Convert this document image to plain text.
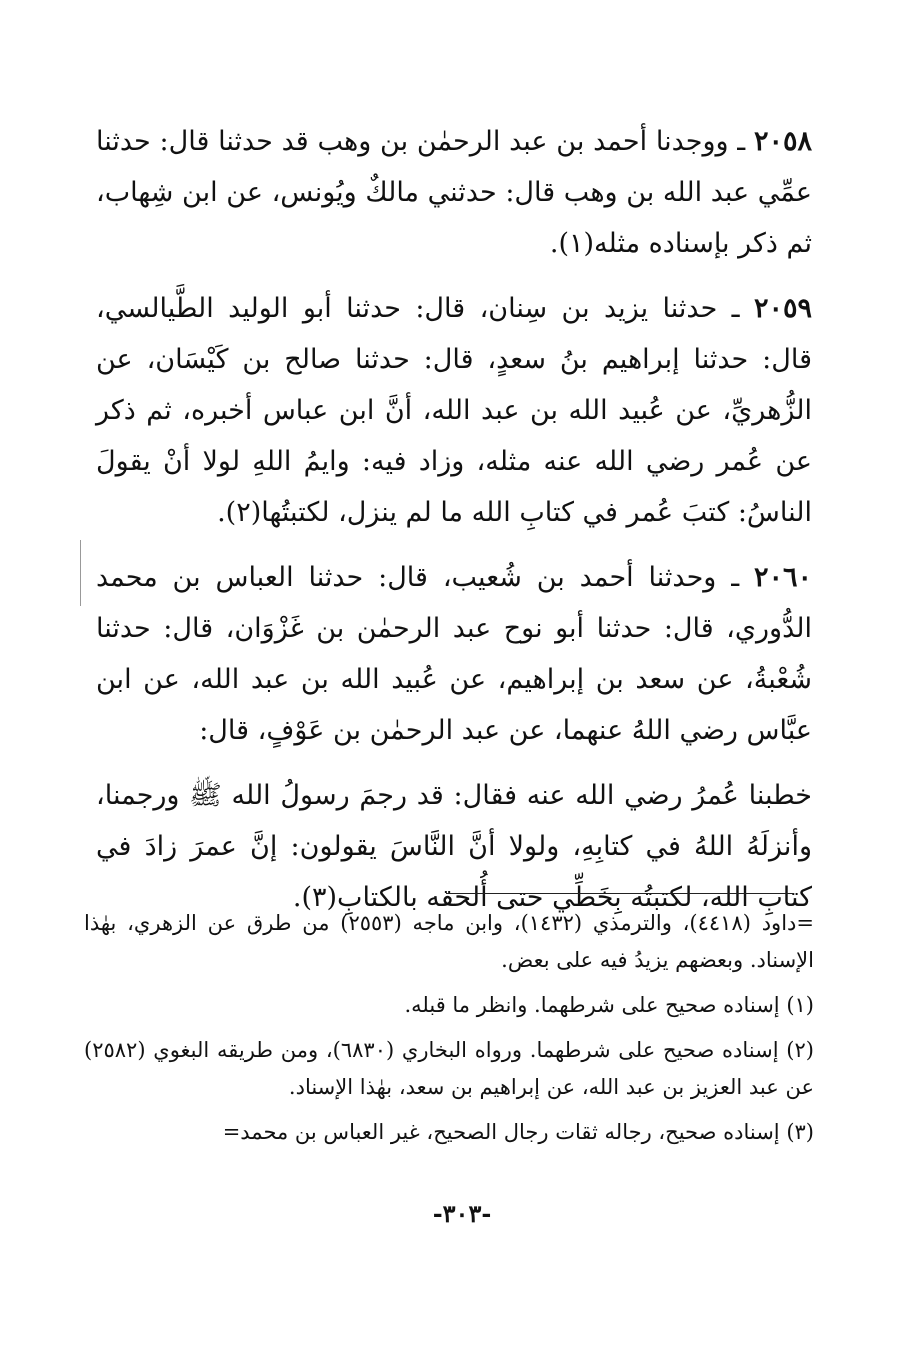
٢٠٥٨ ـ ووجدنا أحمد بن عبد الرحمٰن بن وهب قد حدثنا قال: حدثنا عمِّي عبد الله بن وهب قال: حدثني مالكٌ ويُونس، عن ابن شِهاب، ثم ذكر بإسناده مثله(١).

٢٠٥٩ ـ حدثنا يزيد بن سِنان، قال: حدثنا أبو الوليد الطَّيالسي، قال: حدثنا إبراهيم بنُ سعدٍ، قال: حدثنا صالح بن كَيْسَان، عن الزُّهريِّ، عن عُبيد الله بن عبد الله، أنَّ ابن عباس أخبره، ثم ذكر عن عُمر رضي الله عنه مثله، وزاد فيه: وايمُ اللهِ لولا أنْ يقولَ الناسُ: كتبَ عُمر في كتابِ الله ما لم ينزل، لكتبتُها(٢).

٢٠٦٠ ـ وحدثنا أحمد بن شُعيب، قال: حدثنا العباس بن محمد الدُّوري، قال: حدثنا أبو نوح عبد الرحمٰن بن غَزْوَان، قال: حدثنا شُعْبةُ، عن سعد بن إبراهيم، عن عُبيد الله بن عبد الله، عن ابن عبَّاس رضي اللهُ عنهما، عن عبد الرحمٰن بن عَوْفٍ، قال:

خطبنا عُمرُ رضي الله عنه فقال: قد رجمَ رسولُ الله ﷺ ورجمنا، وأنزلَهُ اللهُ في كتابِهِ، ولولا أنَّ النَّاسَ يقولون: إنَّ عمرَ زادَ في كتابِ الله، لكتبتُه بِخَطِّي حتى أُلحقه بالكتابِ(٣).

=داود (٤٤١٨)، والترمذي (١٤٣٢)، وابن ماجه (٢٥٥٣) من طرق عن الزهري، بهٰذا الإسناد. وبعضهم يزيدُ فيه على بعض.

(١) إسناده صحيح على شرطهما. وانظر ما قبله.

(٢) إسناده صحيح على شرطهما. ورواه البخاري (٦٨٣٠)، ومن طريقه البغوي (٢٥٨٢) عن عبد العزيز بن عبد الله، عن إبراهيم بن سعد، بهٰذا الإسناد.

(٣) إسناده صحيح، رجاله ثقات رجال الصحيح، غير العباس بن محمد=

-٣٠٣-
